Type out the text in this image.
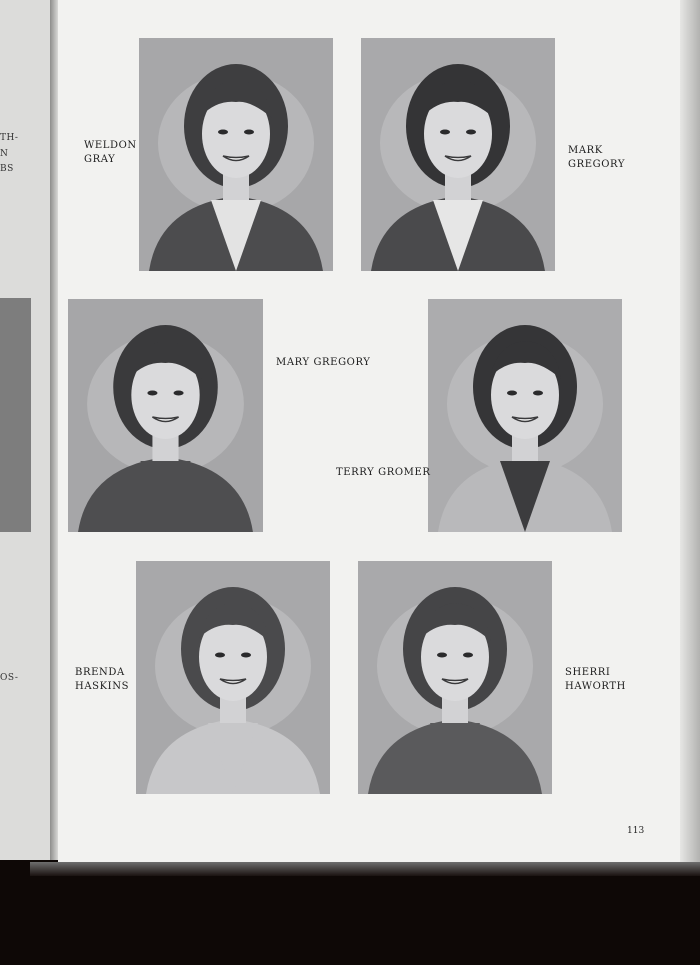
TH-
N
BS
OS-
WELDON
GRAY
MARK
GREGORY
MARY GREGORY
TERRY GROMER
BRENDA
HASKINS
SHERRI
HAWORTH
113
